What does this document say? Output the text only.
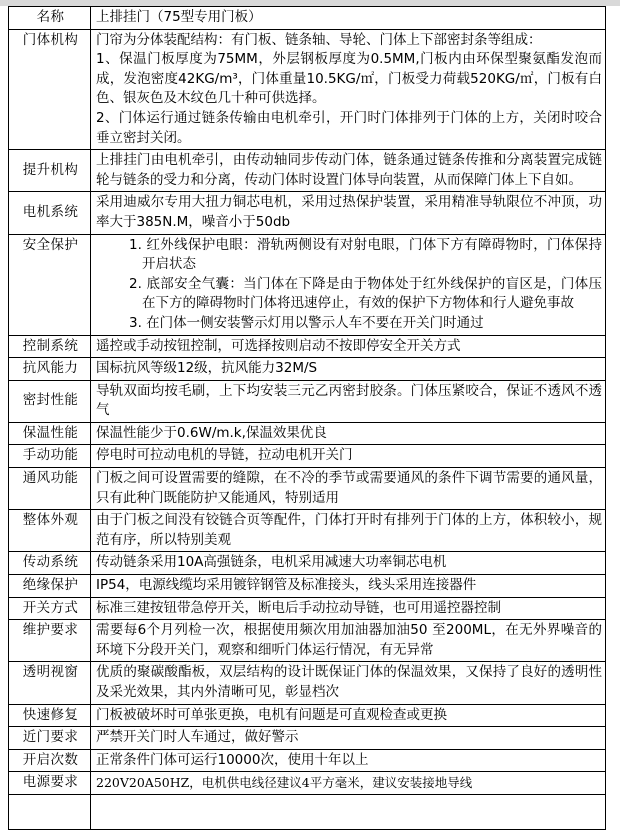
名称	上排挂门（75型专用门板）

门体机构	门帘为分体装配结构：有门板、链条轴、导轮、门体上下部密封条等组成：

1、保温门板厚度为75MM，外层钢板厚度为0.5MM,门板内由环保型聚氨酯发泡而成，发泡密度42KG/m³，门体重量10.5KG/㎡，门板受力荷载520KG/㎡，门板有白色、银灰色及木纹色几十种可供选择。

2、门体运行通过链条传输由电机牵引，开门时门体排列于门体的上方，关闭时咬合垂立密封关闭。

提升机构	上排挂门由电机牵引，由传动轴同步传动门体，链条通过链条传推和分离装置完成链轮与链条的受力和分离，传动门体时设置门体导向装置，从而保障门体上下自如。

电机系统	采用迪威尔专用大扭力铜芯电机，采用过热保护装置，采用精准导轨限位不冲顶，功率大于385N.M，噪音小于50db

安全保护	1. 红外线保护电眼：滑轨两侧设有对射电眼，门体下方有障碍物时，门体保持开启状态

2. 底部安全气囊：当门体在下降是由于物体处于红外线保护的盲区是，门体压在下方的障碍物时门体将迅速停止，有效的保护下方物体和行人避免事故

3. 在门体一侧安装警示灯用以警示人车不要在开关门时通过

控制系统	遥控或手动按钮控制，可选择按则启动不按即停安全开关方式

抗风能力	国标抗风等级12级，抗风能力32M/S

密封性能	导轨双面均按毛刷，上下均安装三元乙丙密封胶条。门体压紧咬合，保证不透风不透气

保温性能	保温性能少于0.6W/m.k,保温效果优良

手动功能	停电时可拉动电机的导链，拉动电机开关门

通风功能	门板之间可设置需要的缝隙，在不冷的季节或需要通风的条件下调节需要的通风量，只有此种门既能防护又能通风，特别适用

整体外观	由于门板之间没有铰链合页等配件，门体打开时有排列于门体的上方，体积较小，规范有序，所以特别美观

传动系统	传动链条采用10A高强链条，电机采用减速大功率铜芯电机

绝缘保护	IP54，电源线缆均采用镀锌钢管及标准接头，线头采用连接器件

开关方式	标准三建按钮带急停开关，断电后手动拉动导链，也可用遥控器控制

维护要求	需要每6个月列检一次，根据使用频次用加油器加油50 至200ML，在无外界噪音的环境下分段开关门，观察和细听门体运行情况，有无异常

透明视窗	优质的聚碳酸酯板，双层结构的设计既保证门体的保温效果，又保持了良好的透明性及采光效果，其内外清晰可见，彰显档次

快速修复	门板被破坏时可单张更换，电机有问题是可直观检查或更换

近门要求	严禁开关门时人车通过，做好警示

开启次数	正常条件门体可运行10000次，使用十年以上

电源要求	220V20A50HZ，电机供电线径建议4平方毫米，建议安装接地导线
